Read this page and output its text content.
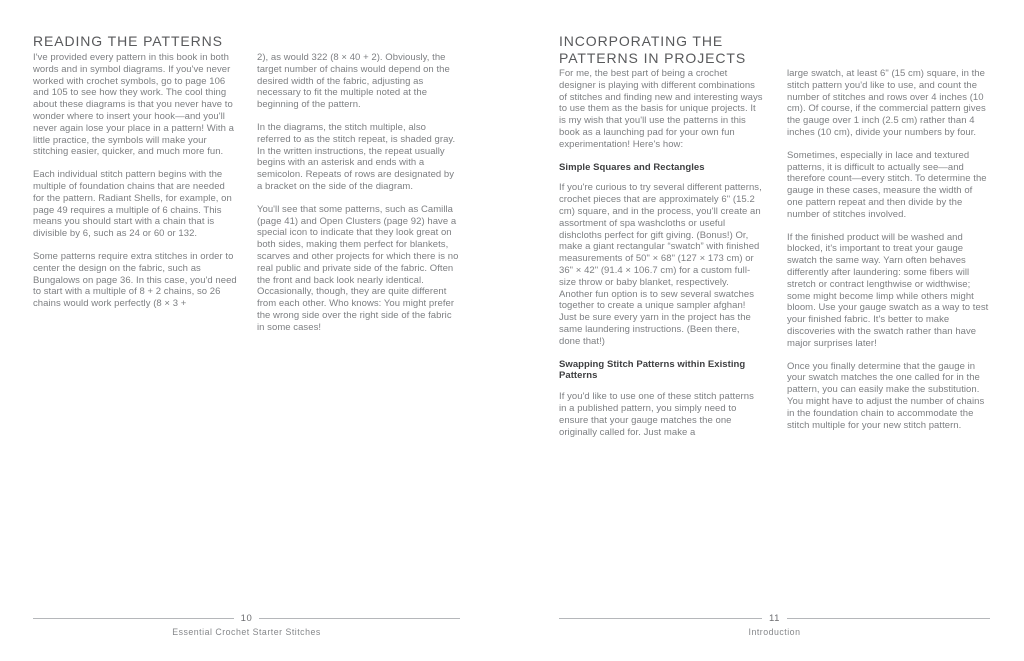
READING THE PATTERNS

I've provided every pattern in this book in both words and in symbol diagrams. If you've never worked with crochet symbols, go to page 106 and 105 to see how they work. The cool thing about these diagrams is that you never have to wonder where to insert your hook—and you'll never again lose your place in a pattern! With a little practice, the symbols will make your stitching easier, quicker, and much more fun.

Each individual stitch pattern begins with the multiple of foundation chains that are needed for the pattern. Radiant Shells, for example, on page 49 requires a multiple of 6 chains. This means you should start with a chain that is divisible by 6, such as 24 or 60 or 132.

Some patterns require extra stitches in order to center the design on the fabric, such as Bungalows on page 36. In this case, you'd need to start with a multiple of 8 + 2 chains, so 26 chains would work perfectly (8 × 3 +

2), as would 322 (8 × 40 + 2). Obviously, the target number of chains would depend on the desired width of the fabric, adjusting as necessary to fit the multiple noted at the beginning of the pattern.

In the diagrams, the stitch multiple, also referred to as the stitch repeat, is shaded gray. In the written instructions, the repeat usually begins with an asterisk and ends with a semicolon. Repeats of rows are designated by a bracket on the side of the diagram.

You'll see that some patterns, such as Camilla (page 41) and Open Clusters (page 92) have a special icon to indicate that they look great on both sides, making them perfect for blankets, scarves and other projects for which there is no real public and private side of the fabric. Often the front and back look nearly identical. Occasionally, though, they are quite different from each other. Who knows: You might prefer the wrong side over the right side of the fabric in some cases!

10
Essential Crochet Starter Stitches
INCORPORATING THE
PATTERNS IN PROJECTS

For me, the best part of being a crochet designer is playing with different combinations of stitches and finding new and interesting ways to use them as the basis for unique projects. It is my wish that you'll use the patterns in this book as a launching pad for your own fun experimentation! Here's how:

Simple Squares and Rectangles

If you're curious to try several different patterns, crochet pieces that are approximately 6" (15.2 cm) square, and in the process, you'll create an assortment of spa washcloths or useful dishcloths perfect for gift giving. (Bonus!) Or, make a giant rectangular “swatch” with finished measurements of 50" × 68" (127 × 173 cm) or 36" × 42" (91.4 × 106.7 cm) for a custom full-size throw or baby blanket, respectively. Another fun option is to sew several swatches together to create a unique sampler afghan! Just be sure every yarn in the project has the same laundering instructions. (Been there, done that!)

Swapping Stitch Patterns within Existing Patterns

If you'd like to use one of these stitch patterns in a published pattern, you simply need to ensure that your gauge matches the one originally called for. Just make a

large swatch, at least 6" (15 cm) square, in the stitch pattern you'd like to use, and count the number of stitches and rows over 4 inches (10 cm). Of course, if the commercial pattern gives the gauge over 1 inch (2.5 cm) rather than 4 inches (10 cm), divide your numbers by four.

Sometimes, especially in lace and textured patterns, it is difficult to actually see—and therefore count—every stitch. To determine the gauge in these cases, measure the width of one pattern repeat and then divide by the number of stitches involved.

If the finished product will be washed and blocked, it's important to treat your gauge swatch the same way. Yarn often behaves differently after laundering: some fibers will stretch or contract lengthwise or widthwise; some might become limp while others might bloom. Use your gauge swatch as a way to test your finished fabric. It's better to make discoveries with the swatch rather than have major surprises later!

Once you finally determine that the gauge in your swatch matches the one called for in the pattern, you can easily make the substitution. You might have to adjust the number of chains in the foundation chain to accommodate the stitch multiple for your new stitch pattern.

11
Introduction
